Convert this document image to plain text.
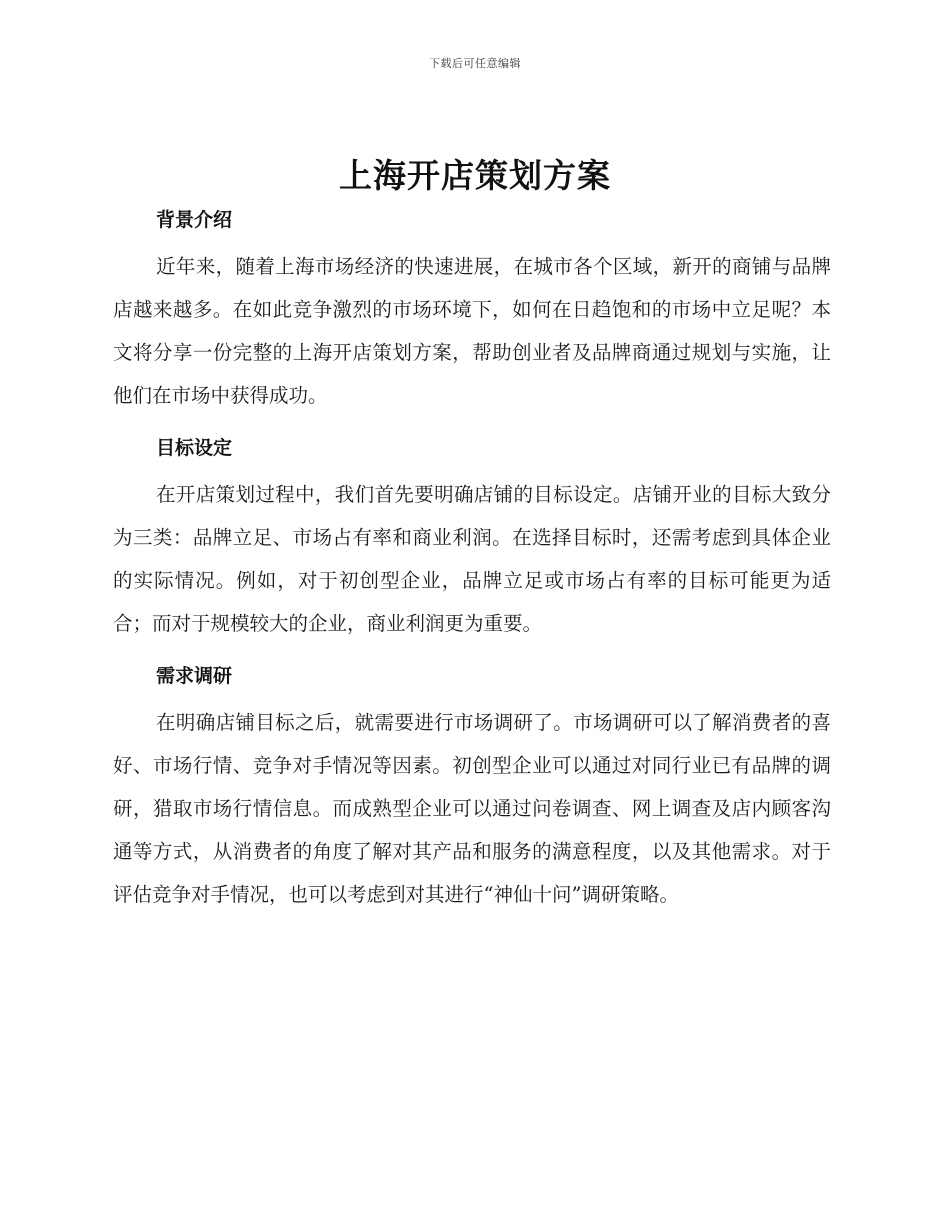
下载后可任意编辑
上海开店策划方案
背景介绍

近年来，随着上海市场经济的快速进展，在城市各个区域，新开的商铺与品牌店越来越多。在如此竞争激烈的市场环境下，如何在日趋饱和的市场中立足呢？本文将分享一份完整的上海开店策划方案，帮助创业者及品牌商通过规划与实施，让他们在市场中获得成功。

目标设定

在开店策划过程中，我们首先要明确店铺的目标设定。店铺开业的目标大致分为三类：品牌立足、市场占有率和商业利润。在选择目标时，还需考虑到具体企业的实际情况。例如，对于初创型企业，品牌立足或市场占有率的目标可能更为适合；而对于规模较大的企业，商业利润更为重要。

需求调研

在明确店铺目标之后，就需要进行市场调研了。市场调研可以了解消费者的喜好、市场行情、竞争对手情况等因素。初创型企业可以通过对同行业已有品牌的调研，猎取市场行情信息。而成熟型企业可以通过问卷调查、网上调查及店内顾客沟通等方式，从消费者的角度了解对其产品和服务的满意程度，以及其他需求。对于评估竞争对手情况，也可以考虑到对其进行“神仙十问”调研策略。
